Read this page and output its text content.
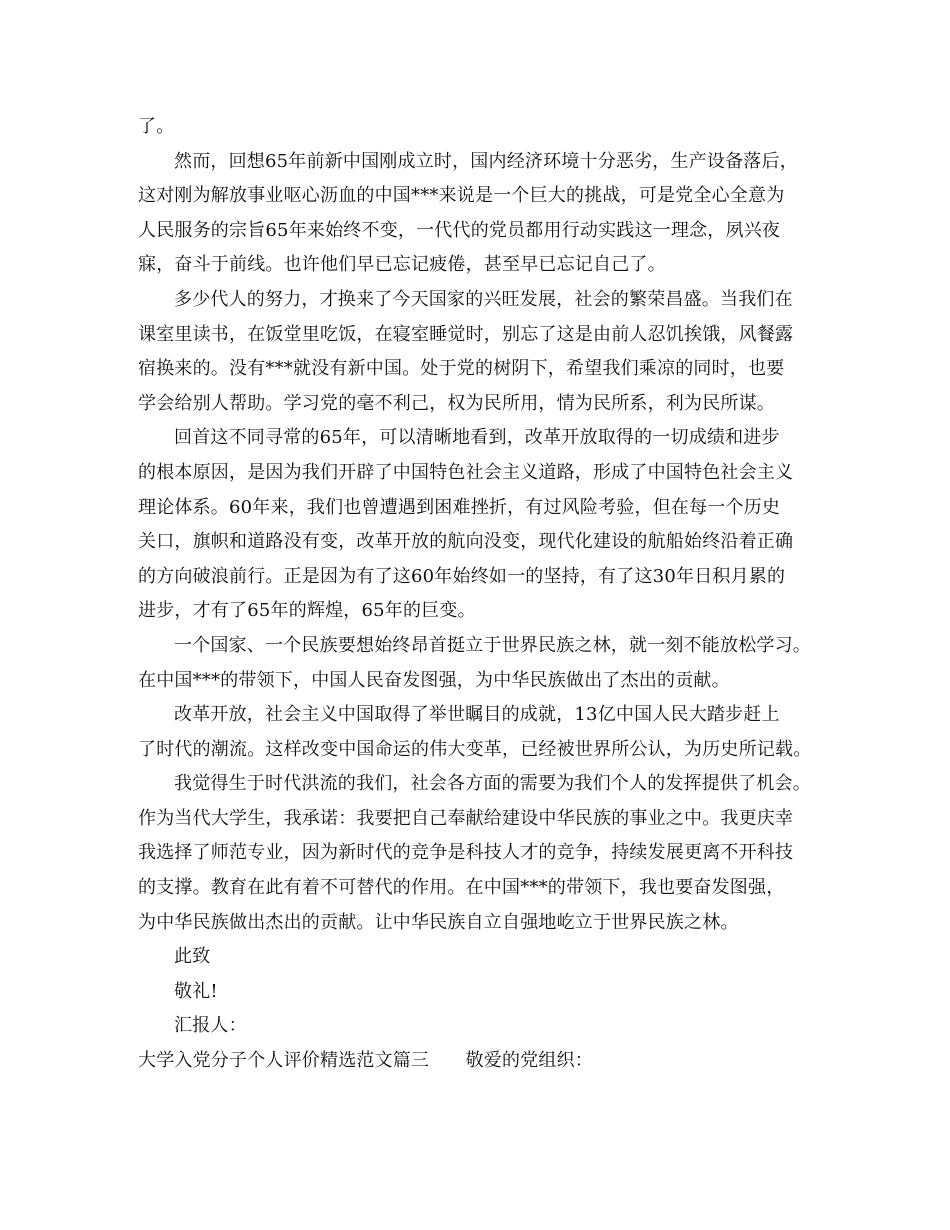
了。
然而，回想65年前新中国刚成立时，国内经济环境十分恶劣，生产设备落后，
这对刚为解放事业呕心沥血的中国***来说是一个巨大的挑战，可是党全心全意为
人民服务的宗旨65年来始终不变，一代代的党员都用行动实践这一理念，夙兴夜
寐，奋斗于前线。也许他们早已忘记疲倦，甚至早已忘记自己了。
多少代人的努力，才换来了今天国家的兴旺发展，社会的繁荣昌盛。当我们在
课室里读书，在饭堂里吃饭，在寝室睡觉时，别忘了这是由前人忍饥挨饿，风餐露
宿换来的。没有***就没有新中国。处于党的树阴下，希望我们乘凉的同时，也要
学会给别人帮助。学习党的毫不利己，权为民所用，情为民所系，利为民所谋。
回首这不同寻常的65年，可以清晰地看到，改革开放取得的一切成绩和进步
的根本原因，是因为我们开辟了中国特色社会主义道路，形成了中国特色社会主义
理论体系。60年来，我们也曾遭遇到困难挫折，有过风险考验，但在每一个历史
关口，旗帜和道路没有变，改革开放的航向没变，现代化建设的航船始终沿着正确
的方向破浪前行。正是因为有了这60年始终如一的坚持，有了这30年日积月累的
进步，才有了65年的辉煌，65年的巨变。
一个国家、一个民族要想始终昂首挺立于世界民族之林，就一刻不能放松学习。
在中国***的带领下，中国人民奋发图强，为中华民族做出了杰出的贡献。
改革开放，社会主义中国取得了举世瞩目的成就，13亿中国人民大踏步赶上
了时代的潮流。这样改变中国命运的伟大变革，已经被世界所公认，为历史所记载。
我觉得生于时代洪流的我们，社会各方面的需要为我们个人的发挥提供了机会。
作为当代大学生，我承诺：我要把自己奉献给建设中华民族的事业之中。我更庆幸
我选择了师范专业，因为新时代的竞争是科技人才的竞争，持续发展更离不开科技
的支撑。教育在此有着不可替代的作用。在中国***的带领下，我也要奋发图强，
为中华民族做出杰出的贡献。让中华民族自立自强地屹立于世界民族之林。
此致
敬礼!
汇报人：
大学入党分子个人评价精选范文篇三　　敬爱的党组织：
